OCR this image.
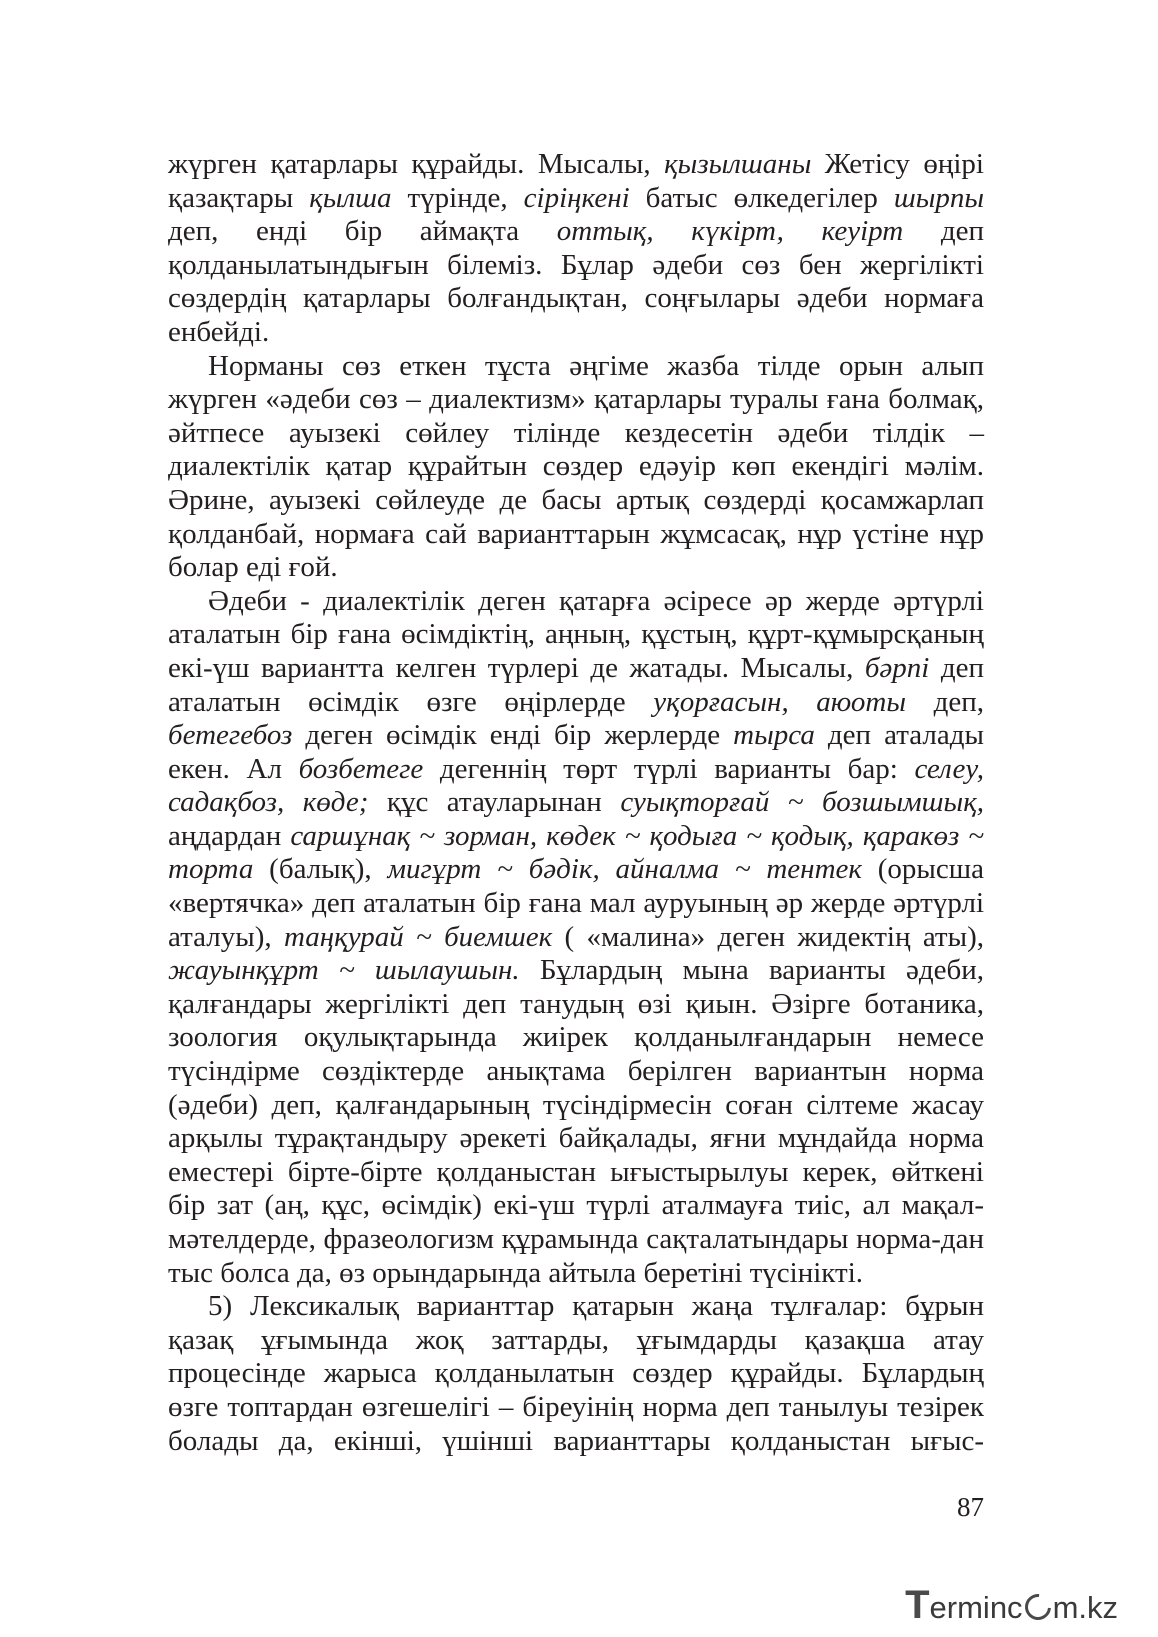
жүрген қатарлары құрайды. Мысалы, қызылшаны Жетісу өңірі қазақтары қылша түрінде, сіріңкені батыс өлкедегілер шырпы деп, енді бір аймақта оттық, күкірт, кеуірт деп қолданылатындығын білеміз. Бұлар әдеби сөз бен жергілікті сөздердің қатарлары болғандықтан, соңғылары әдеби нормаға енбейді.

Норманы сөз еткен тұста әңгіме жазба тілде орын алып жүрген «әдеби сөз – диалектизм» қатарлары туралы ғана болмақ, әйтпесе ауызекі сөйлеу тілінде кездесетін әдеби тілдік – диалектілік қатар құрайтын сөздер едәуір көп екендігі мәлім. Әрине, ауызекі сөйлеуде де басы артық сөздерді қосамжарлап қолданбай, нормаға сай варианттарын жұмсасақ, нұр үстіне нұр болар еді ғой.

Әдеби - диалектілік деген қатарға әсіресе әр жерде әртүрлі аталатын бір ғана өсімдіктің, аңның, құстың, құрт-құмырсқаның екі-үш вариантта келген түрлері де жатады. Мысалы, бәрпі деп аталатын өсімдік өзге өңірлерде уқорғасын, аюоты деп, бетегебоз деген өсімдік енді бір жерлерде тырса деп аталады екен. Ал бозбетеге дегеннің төрт түрлі варианты бар: селеу, садақбоз, көде; құс атауларынан суықторғай ~ бозшымшық, аңдардан саршұнақ ~ зорман, көдек ~ қодыға ~ қодық, қаракөз ~ торта (балық), мигұрт ~ бәдік, айналма ~ тентек (орысша «вертячка» деп аталатын бір ғана мал ауруының әр жерде әртүрлі аталуы), таңқурай ~ биемшек ( «малина» деген жидектің аты), жауынқұрт ~ шылаушын. Бұлардың мына варианты әдеби, қалғандары жергілікті деп танудың өзі қиын. Әзірге ботаника, зоология оқулықтарында жиірек қолданылғандарын немесе түсіндірме сөздіктерде анықтама берілген вариантын норма (әдеби) деп, қалғандарының түсіндірмесін соған сілтеме жасау арқылы тұрақтандыру әрекеті байқалады, яғни мұндайда норма еместері бірте-бірте қолданыстан ығыстырылуы керек, өйткені бір зат (аң, құс, өсімдік) екі-үш түрлі аталмауға тиіс, ал мақал-мәтелдерде, фразеологизм құрамында сақталатындары норма-дан тыс болса да, өз орындарында айтыла беретіні түсінікті.

5) Лексикалық варианттар қатарын жаңа тұлғалар: бұрын қазақ ұғымында жоқ заттарды, ұғымдарды қазақша атау процесінде жарыса қолданылатын сөздер құрайды. Бұлардың өзге топтардан өзгешелігі – біреуінің норма деп танылуы тезірек болады да, екінші, үшінші варианттары қолданыстан ығыс-

87
Terminc m.kz
